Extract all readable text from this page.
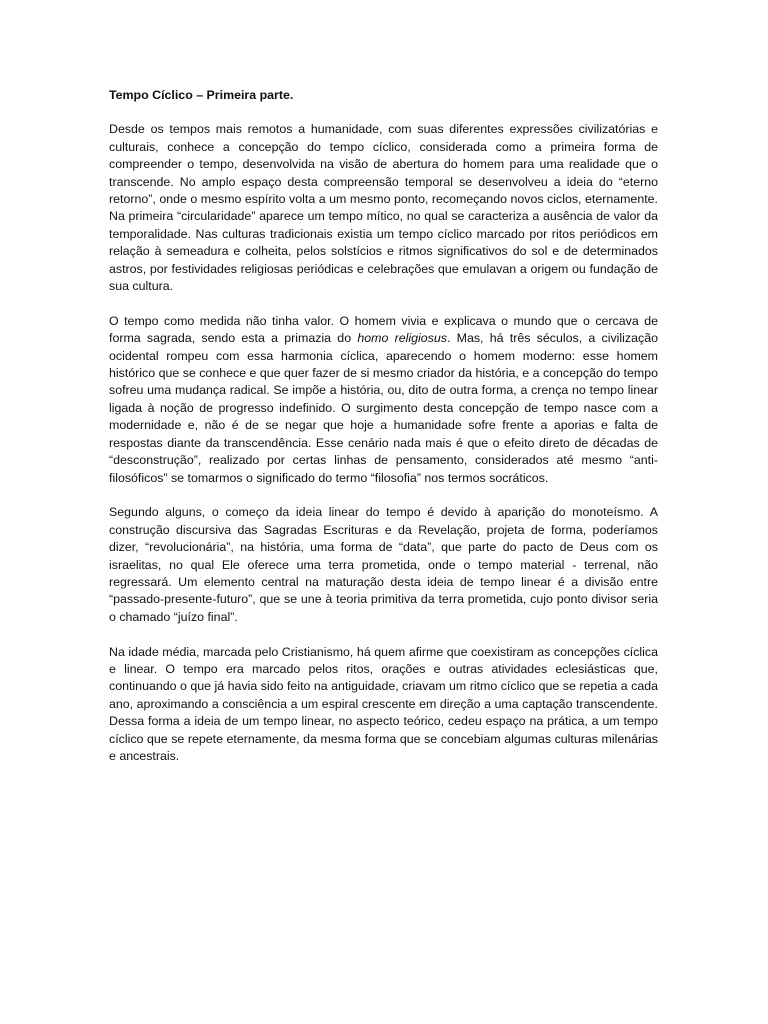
Tempo Cíclico – Primeira parte.

Desde os tempos mais remotos a humanidade, com suas diferentes expressões civilizatórias e culturais, conhece a concepção do tempo cíclico, considerada como a primeira forma de compreender o tempo, desenvolvida na visão de abertura do homem para uma realidade que o transcende. No amplo espaço desta compreensão temporal se desenvolveu a ideia do “eterno retorno”, onde o mesmo espírito volta a um mesmo ponto, recomeçando novos ciclos, eternamente. Na primeira “circularidade” aparece um tempo mítico, no qual se caracteriza a ausência de valor da temporalidade. Nas culturas tradicionais existia um tempo cíclico marcado por ritos periódicos em relação à semeadura e colheita, pelos solstícios e ritmos significativos do sol e de determinados astros, por festividades religiosas periódicas e celebrações que emulavan a origem ou fundação de sua cultura.

O tempo como medida não tinha valor. O homem vivia e explicava o mundo que o cercava de forma sagrada, sendo esta a primazia do homo religiosus. Mas, há três séculos, a civilização ocidental rompeu com essa harmonia cíclica, aparecendo o homem moderno: esse homem histórico que se conhece e que quer fazer de si mesmo criador da história, e a concepção do tempo sofreu uma mudança radical. Se impõe a história, ou, dito de outra forma, a crença no tempo linear ligada à noção de progresso indefinido. O surgimento desta concepção de tempo nasce com a modernidade e, não é de se negar que hoje a humanidade sofre frente a aporias e falta de respostas diante da transcendência. Esse cenário nada mais é que o efeito direto de décadas de “desconstrução”, realizado por certas linhas de pensamento, considerados até mesmo “anti-filosóficos” se tomarmos o significado do termo “filosofia” nos termos socráticos.

Segundo alguns, o começo da ideia linear do tempo é devido à aparição do monoteísmo. A construção discursiva das Sagradas Escrituras e da Revelação, projeta de forma, poderíamos dizer, “revolucionária”, na história, uma forma de “data”, que parte do pacto de Deus com os israelitas, no qual Ele oferece uma terra prometida, onde o tempo material - terrenal, não regressará. Um elemento central na maturação desta ideia de tempo linear é a divisão entre “passado-presente-futuro”, que se une à teoria primitiva da terra prometida, cujo ponto divisor seria o chamado “juízo final”.

Na idade média, marcada pelo Cristianismo, há quem afirme que coexistiram as concepções cíclica e linear. O tempo era marcado pelos ritos, orações e outras atividades eclesiásticas que, continuando o que já havia sido feito na antiguidade, criavam um ritmo cíclico que se repetia a cada ano, aproximando a consciência a um espiral crescente em direção a uma captação transcendente. Dessa forma a ideia de um tempo linear, no aspecto teórico, cedeu espaço na prática, a um tempo cíclico que se repete eternamente, da mesma forma que se concebiam algumas culturas milenárias e ancestrais.
